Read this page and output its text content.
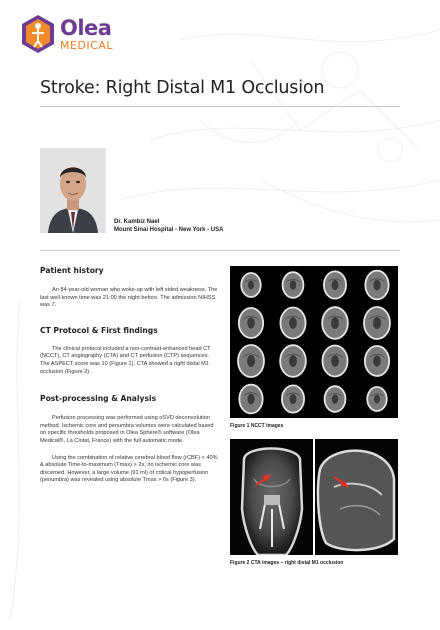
Olea
MEDICAL
Stroke: Right Distal M1 Occlusion
Dr. Kambiz Nael
Mount Sinai Hospital - New York - USA
Patient history

An 84-year-old woman who woke-up with left sided weakness. The last well known time was 21:00 the night before. The admission NIHSS was 7.

CT Protocol & First findings

The clinical protocol included a non-contrast-enhanced head CT (NCCT), CT angiography (CTA) and CT perfusion (CTP) sequences. The ASPECT score was 10 (Figure 1), CTA showed a right distal M1 occlusion (Figure 2).

Post-processing & Analysis

Perfusion processing was performed using oSVD deconvolution method. Ischemic core and penumbra volumes were calculated based on specific thresholds proposed in Olea Sphere® software (Olea Medical®, La Ciotat, France) with the full automatic mode.

Using the combination of relative cerebral blood flow (rCBF) < 40% & absolute Time-to-maximum (Tmax) > 2s, no ischemic core was discerned. However, a large volume (91 ml) of critical hypoperfusion (penumbra) was revealed using absolute Tmax > 6s (Figure 3).

Figure 1 NCCT images
Figure 2 CTA images – right distal M1 occlusion
